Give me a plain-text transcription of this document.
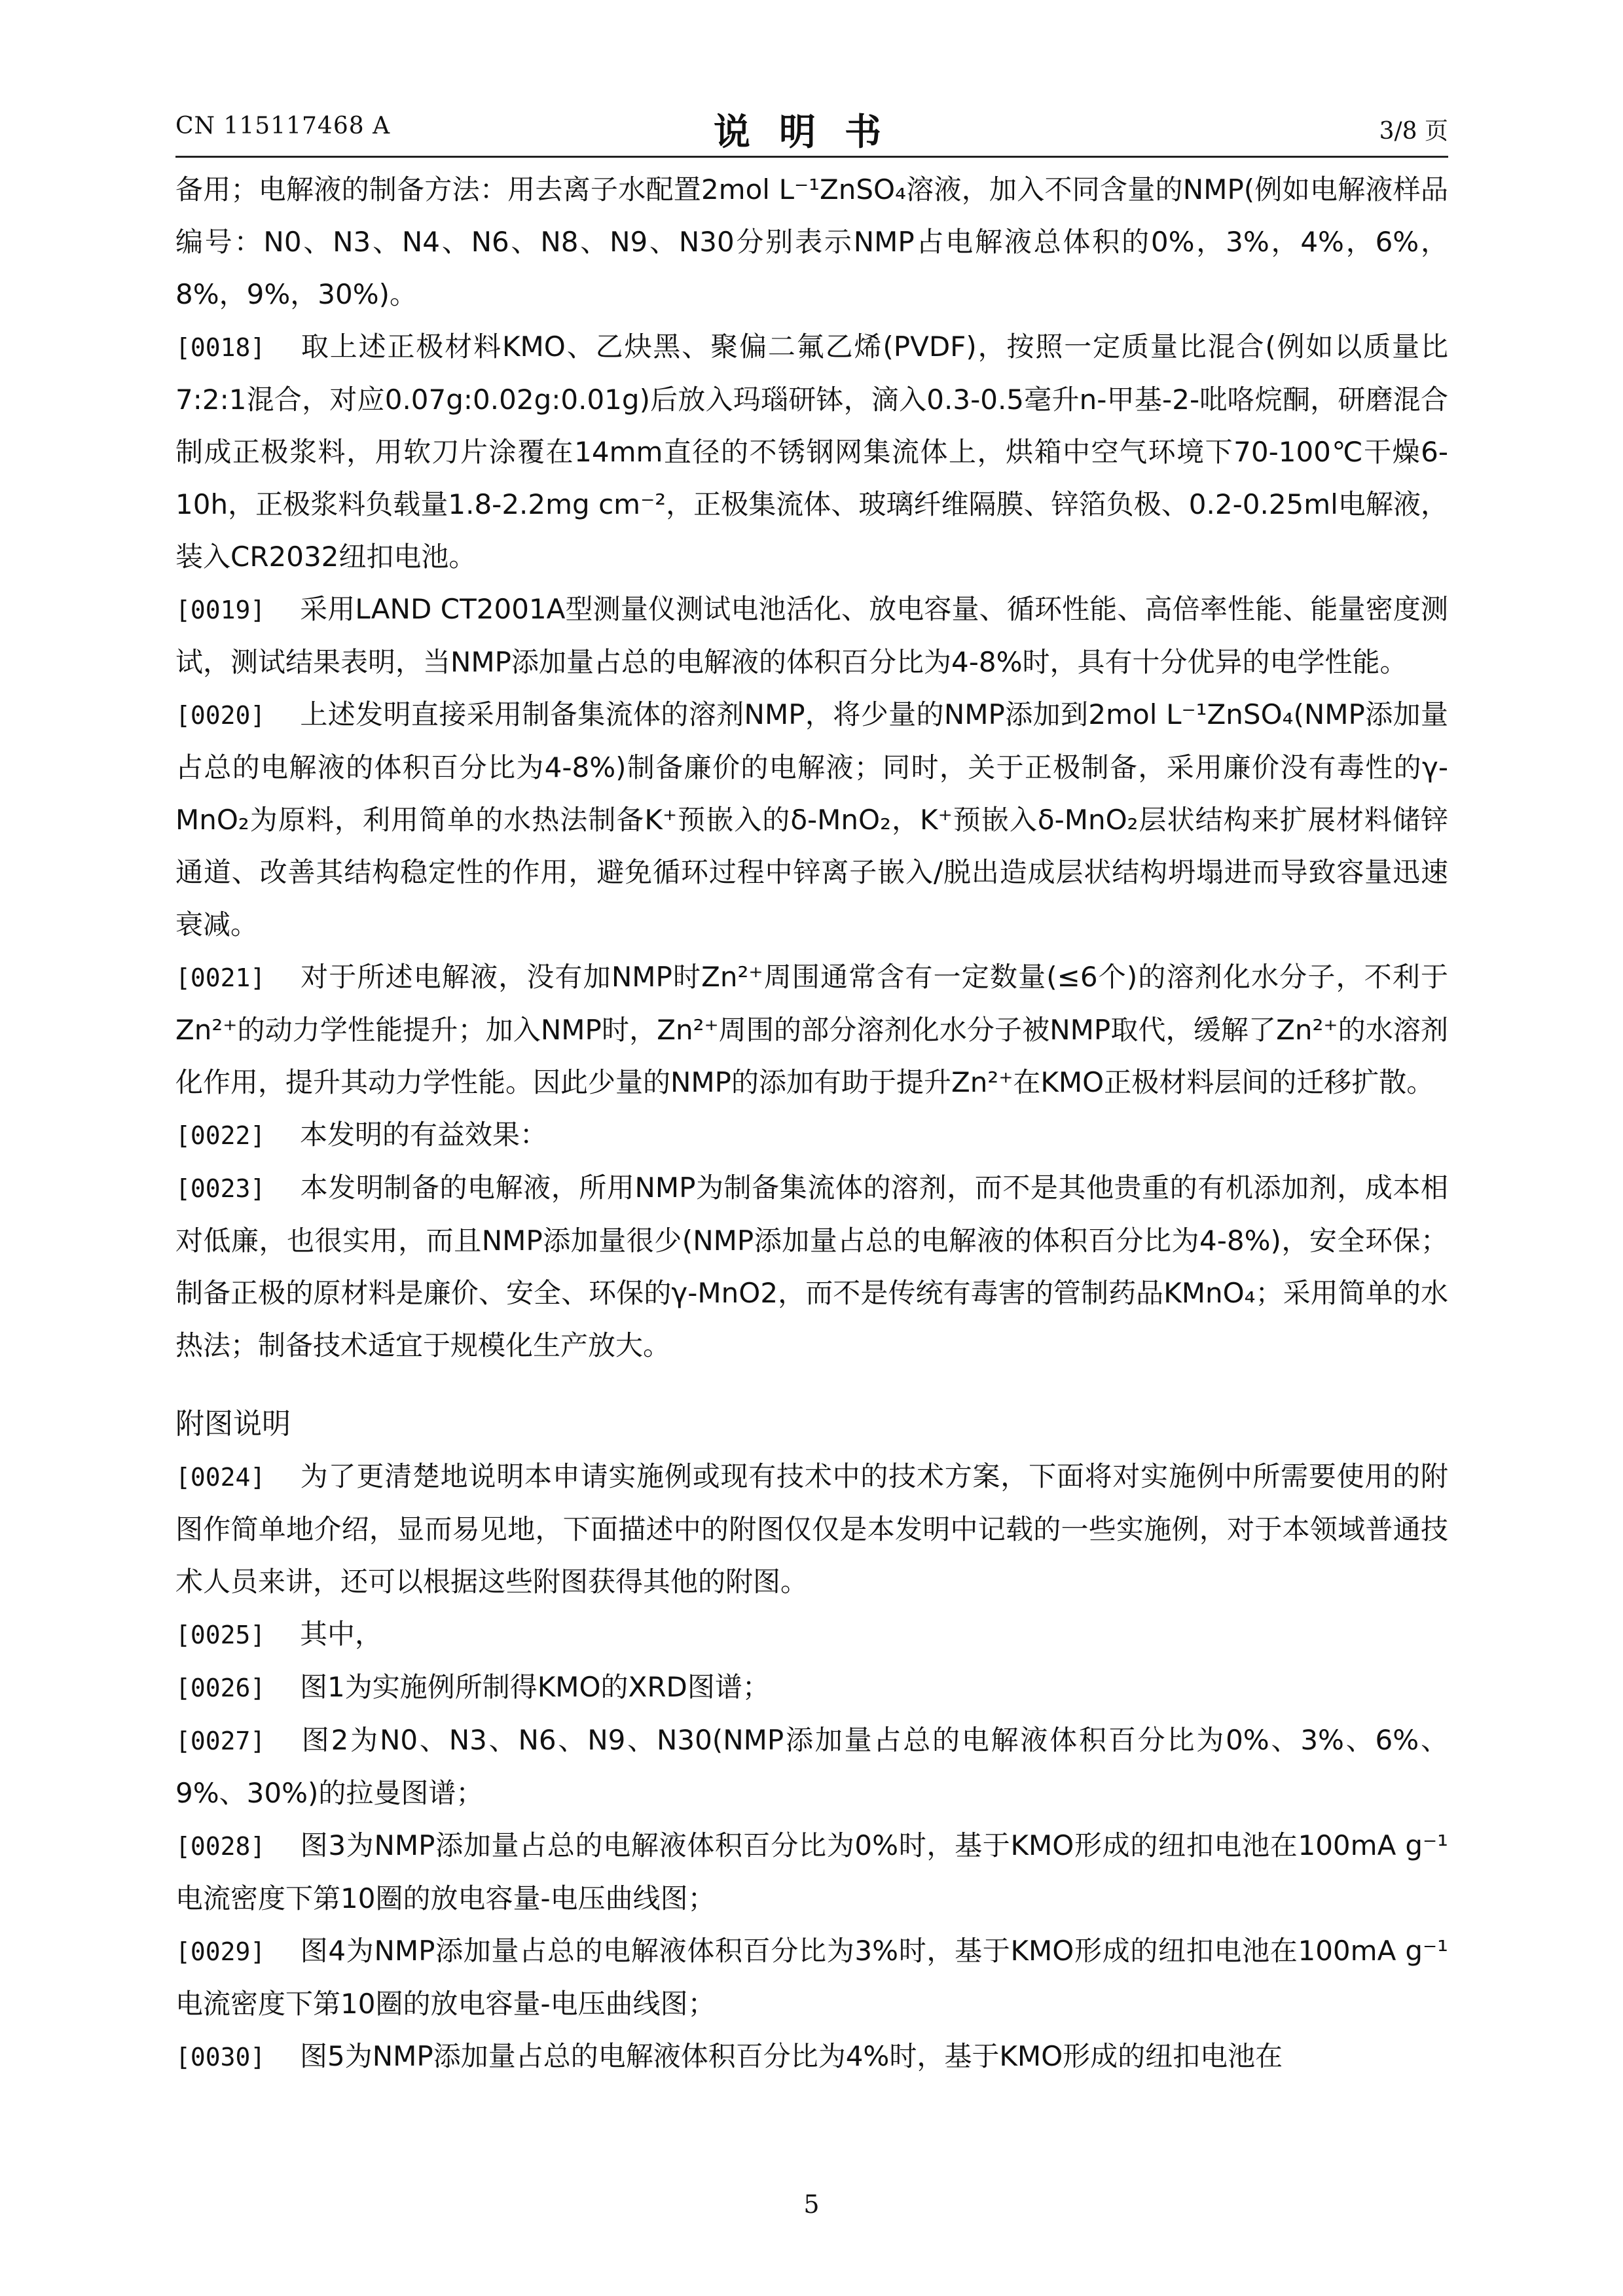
CN 115117468 A	说明书	3/8 页
备用；电解液的制备方法：用去离子水配置2mol L⁻¹ZnSO₄溶液，加入不同含量的NMP(例如电解液样品编号：N0、N3、N4、N6、N8、N9、N30分别表示NMP占电解液总体积的0%，3%，4%，6%，8%，9%，30%)。
[0018] 取上述正极材料KMO、乙炔黑、聚偏二氟乙烯(PVDF)，按照一定质量比混合(例如以质量比7:2:1混合，对应0.07g:0.02g:0.01g)后放入玛瑙研钵，滴入0.3-0.5毫升n-甲基-2-吡咯烷酮，研磨混合制成正极浆料，用软刀片涂覆在14mm直径的不锈钢网集流体上，烘箱中空气环境下70-100℃干燥6-10h，正极浆料负载量1.8-2.2mg cm⁻²，正极集流体、玻璃纤维隔膜、锌箔负极、0.2-0.25ml电解液，装入CR2032纽扣电池。
[0019] 采用LAND CT2001A型测量仪测试电池活化、放电容量、循环性能、高倍率性能、能量密度测试，测试结果表明，当NMP添加量占总的电解液的体积百分比为4-8%时，具有十分优异的电学性能。
[0020] 上述发明直接采用制备集流体的溶剂NMP，将少量的NMP添加到2mol L⁻¹ZnSO₄(NMP添加量占总的电解液的体积百分比为4-8%)制备廉价的电解液；同时，关于正极制备，采用廉价没有毒性的γ-MnO₂为原料，利用简单的水热法制备K⁺预嵌入的δ-MnO₂，K⁺预嵌入δ-MnO₂层状结构来扩展材料储锌通道、改善其结构稳定性的作用，避免循环过程中锌离子嵌入/脱出造成层状结构坍塌进而导致容量迅速衰减。
[0021] 对于所述电解液，没有加NMP时Zn²⁺周围通常含有一定数量(≤6个)的溶剂化水分子，不利于Zn²⁺的动力学性能提升；加入NMP时，Zn²⁺周围的部分溶剂化水分子被NMP取代，缓解了Zn²⁺的水溶剂化作用，提升其动力学性能。因此少量的NMP的添加有助于提升Zn²⁺在KMO正极材料层间的迁移扩散。
[0022] 本发明的有益效果：
[0023] 本发明制备的电解液，所用NMP为制备集流体的溶剂，而不是其他贵重的有机添加剂，成本相对低廉，也很实用，而且NMP添加量很少(NMP添加量占总的电解液的体积百分比为4-8%)，安全环保；制备正极的原材料是廉价、安全、环保的γ-MnO2，而不是传统有毒害的管制药品KMnO₄；采用简单的水热法；制备技术适宜于规模化生产放大。
附图说明
[0024] 为了更清楚地说明本申请实施例或现有技术中的技术方案，下面将对实施例中所需要使用的附图作简单地介绍，显而易见地，下面描述中的附图仅仅是本发明中记载的一些实施例，对于本领域普通技术人员来讲，还可以根据这些附图获得其他的附图。
[0025] 其中，
[0026] 图1为实施例所制得KMO的XRD图谱；
[0027] 图2为N0、N3、N6、N9、N30(NMP添加量占总的电解液体积百分比为0%、3%、6%、9%、30%)的拉曼图谱；
[0028] 图3为NMP添加量占总的电解液体积百分比为0%时，基于KMO形成的纽扣电池在100mA g⁻¹电流密度下第10圈的放电容量-电压曲线图；
[0029] 图4为NMP添加量占总的电解液体积百分比为3%时，基于KMO形成的纽扣电池在100mA g⁻¹电流密度下第10圈的放电容量-电压曲线图；
[0030] 图5为NMP添加量占总的电解液体积百分比为4%时，基于KMO形成的纽扣电池在
5
